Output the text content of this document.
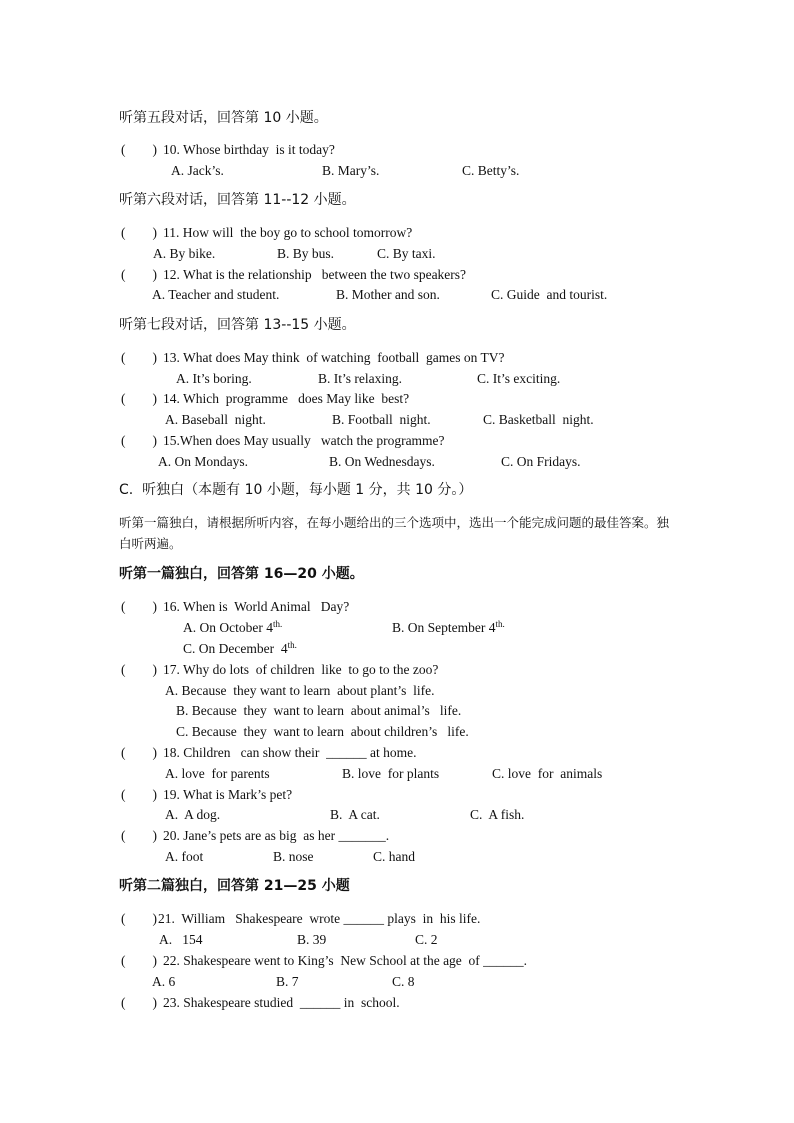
听第五段对话，回答第 10 小题。
(        ) 10. Whose birthday  is it today?
A. Jack’s.	B. Mary’s.	C. Betty’s.
听第六段对话，回答第 11--12 小题。
(        ) 11. How will  the boy go to school tomorrow?
A. By bike.	B. By bus.	C. By taxi.
(        ) 12. What is the relationship   between the two speakers?
A. Teacher and student.	B. Mother and son.	C. Guide  and tourist.
听第七段对话，回答第 13--15 小题。
(        ) 13. What does May think  of watching  football  games on TV?
A. It’s boring.	B. It’s relaxing.	C. It’s exciting.
(        ) 14. Which  programme   does May like  best?
A. Baseball  night.	B. Football  night.	C. Basketball  night.
(        ) 15.When does May usually   watch the programme?
A. On Mondays.	B. On Wednesdays.	C. On Fridays.
C.  听独白（本题有 10 小题，每小题 1 分，共 10 分。）
听第一篇独白，请根据所听内容，在每小题给出的三个选项中，选出一个能完成问题的最佳答案。独白听两遍。
听第一篇独白，回答第 16—20 小题。
(        ) 16. When is  World Animal   Day?
A. On October $4^{th.}$	B. On September $4^{th.}$
C. On December  $4^{th.}$
(        ) 17. Why do lots  of children  like  to go to the zoo?
A. Because  they want to learn  about plant’s  life.
B. Because  they  want to learn  about animal’s   life.
C. Because  they  want to learn  about children’s   life.
(        ) 18. Children   can show their  ______ at home.
A. love  for parents	B. love  for plants	C. love  for  animals
(        ) 19. What is Mark’s pet?
A.  A dog.	B.  A cat.	C.  A fish.
(        ) 20. Jane’s pets are as big  as her _______.
A. foot	B. nose	C. hand
听第二篇独白，回答第 21—25 小题
(        )21.  William   Shakespeare  wrote ______ plays  in  his life.
A.   154	B. 39	C. 2
(        ) 22. Shakespeare went to King’s  New School at the age  of ______.
A. 6	B. 7	C. 8
(        ) 23. Shakespeare studied  ______ in  school.
